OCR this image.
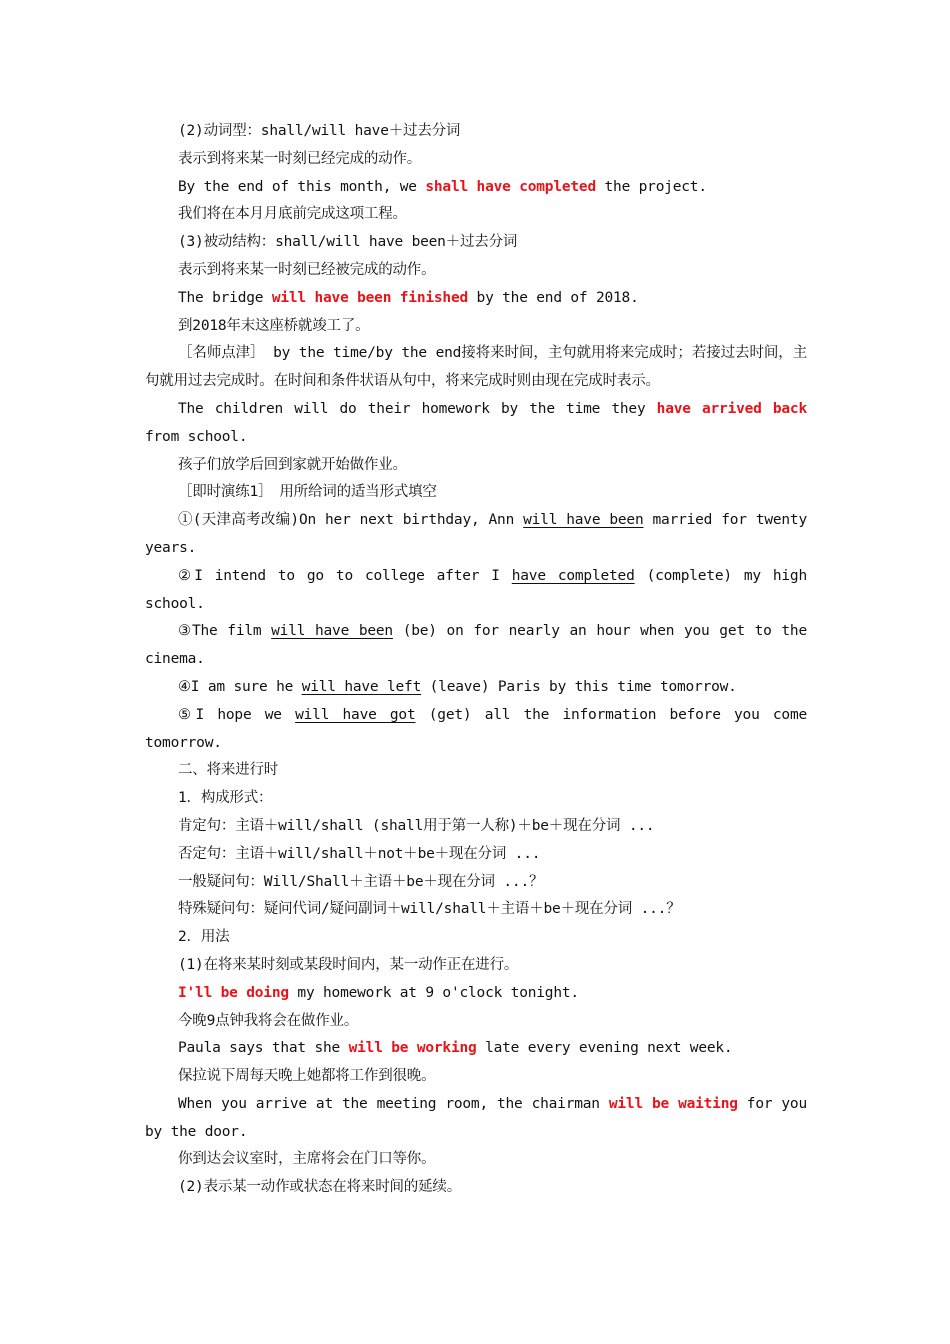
(2)动词型：shall/will have＋过去分词

表示到将来某一时刻已经完成的动作。

By the end of this month, we shall have completed the project.

我们将在本月月底前完成这项工程。

(3)被动结构：shall/will have been＋过去分词

表示到将来某一时刻已经被完成的动作。

The bridge will have been finished by the end of 2018.

到2018年末这座桥就竣工了。

［名师点津］ by the time/by the end接将来时间，主句就用将来完成时；若接过去时间，主句就用过去完成时。在时间和条件状语从句中，将来完成时则由现在完成时表示。

The children will do their homework by the time they have arrived back from school.

孩子们放学后回到家就开始做作业。

［即时演练1］　用所给词的适当形式填空

①(天津高考改编)On her next birthday, Ann will have been married for twenty years.

②I intend to go to college after I have completed (complete) my high school.

③The film will have been (be) on for nearly an hour when you get to the cinema.

④I am sure he will have left (leave) Paris by this time tomorrow.

⑤I hope we will have got (get) all the information before you come tomorrow.

二、将来进行时

1．构成形式：

肯定句：主语＋will/shall (shall用于第一人称)＋be＋现在分词 ...

否定句：主语＋will/shall＋not＋be＋现在分词 ...

一般疑问句：Will/Shall＋主语＋be＋现在分词 ...？

特殊疑问句：疑问代词/疑问副词＋will/shall＋主语＋be＋现在分词 ...？

2．用法

(1)在将来某时刻或某段时间内，某一动作正在进行。

I'll be doing my homework at 9 o'clock tonight.

今晚9点钟我将会在做作业。

Paula says that she will be working late every evening next week.

保拉说下周每天晚上她都将工作到很晚。

When you arrive at the meeting room, the chairman will be waiting for you by the door.

你到达会议室时，主席将会在门口等你。

(2)表示某一动作或状态在将来时间的延续。
